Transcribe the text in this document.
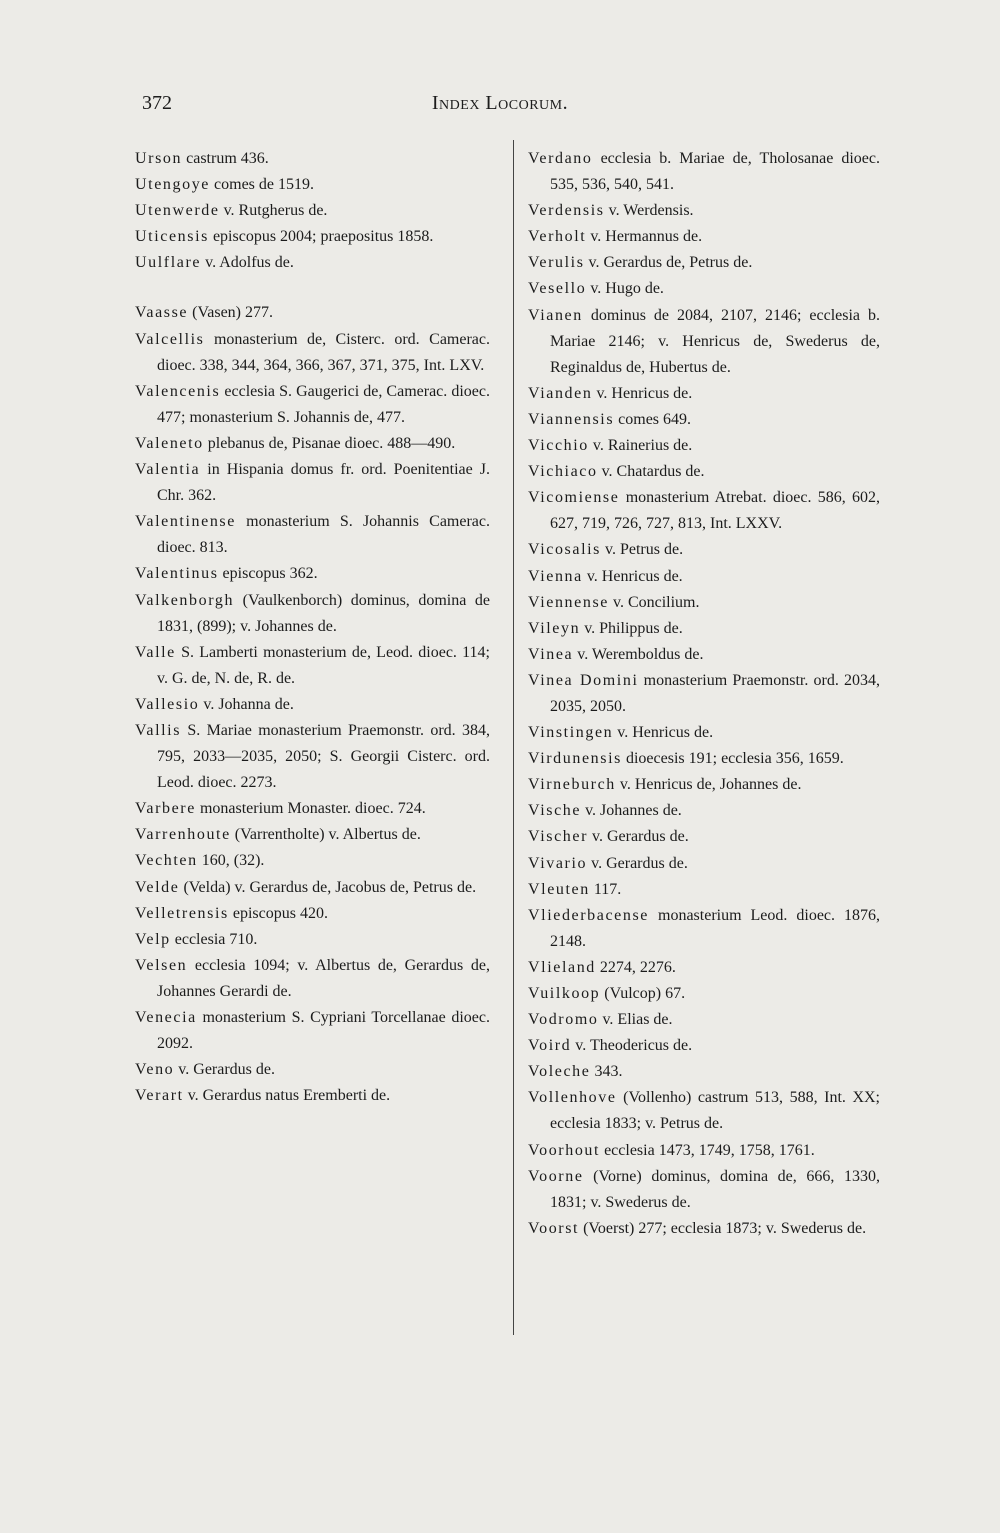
372	Index Locorum.
Urson castrum 436.
Utengoye comes de 1519.
Utenwerde v. Rutgherus de.
Uticensis episcopus 2004; praepositus 1858.
Uulflare v. Adolfus de.
Vaasse (Vasen) 277.
Valcellis monasterium de, Cisterc. ord. Camerac. dioec. 338, 344, 364, 366, 367, 371, 375, Int. LXV.
Valencenis ecclesia S. Gaugerici de, Camerac. dioec. 477; monasterium S. Johannis de, 477.
Valeneto plebanus de, Pisanae dioec. 488—490.
Valentia in Hispania domus fr. ord. Poenitentiae J. Chr. 362.
Valentinense monasterium S. Johannis Camerac. dioec. 813.
Valentinus episcopus 362.
Valkenborgh (Vaulkenborch) dominus, domina de 1831, (899); v. Johannes de.
Valle S. Lamberti monasterium de, Leod. dioec. 114; v. G. de, N. de, R. de.
Vallesio v. Johanna de.
Vallis S. Mariae monasterium Praemonstr. ord. 384, 795, 2033—2035, 2050; S. Georgii Cisterc. ord. Leod. dioec. 2273.
Varbere monasterium Monaster. dioec. 724.
Varrenhoute (Varrentholte) v. Albertus de.
Vechten 160, (32).
Velde (Velda) v. Gerardus de, Jacobus de, Petrus de.
Velletrensis episcopus 420.
Velp ecclesia 710.
Velsen ecclesia 1094; v. Albertus de, Gerardus de, Johannes Gerardi de.
Venecia monasterium S. Cypriani Torcellanae dioec. 2092.
Veno v. Gerardus de.
Verart v. Gerardus natus Eremberti de.
Verdano ecclesia b. Mariae de, Tholosanae dioec. 535, 536, 540, 541.
Verdensis v. Werdensis.
Verholt v. Hermannus de.
Verulis v. Gerardus de, Petrus de.
Vesello v. Hugo de.
Vianen dominus de 2084, 2107, 2146; ecclesia b. Mariae 2146; v. Henricus de, Swederus de, Reginaldus de, Hubertus de.
Vianden v. Henricus de.
Viannensis comes 649.
Vicchio v. Rainerius de.
Vichiaco v. Chatardus de.
Vicomiense monasterium Atrebat. dioec. 586, 602, 627, 719, 726, 727, 813, Int. LXXV.
Vicosalis v. Petrus de.
Vienna v. Henricus de.
Viennense v. Concilium.
Vileyn v. Philippus de.
Vinea v. Weremboldus de.
Vinea Domini monasterium Praemonstr. ord. 2034, 2035, 2050.
Vinstingen v. Henricus de.
Virdunensis dioecesis 191; ecclesia 356, 1659.
Virneburch v. Henricus de, Johannes de.
Vische v. Johannes de.
Vischer v. Gerardus de.
Vivario v. Gerardus de.
Vleuten 117.
Vliederbacense monasterium Leod. dioec. 1876, 2148.
Vlieland 2274, 2276.
Vuilkoop (Vulcop) 67.
Vodromo v. Elias de.
Voird v. Theodericus de.
Voleche 343.
Vollenhove (Vollenho) castrum 513, 588, Int. XX; ecclesia 1833; v. Petrus de.
Voorhout ecclesia 1473, 1749, 1758, 1761.
Voorne (Vorne) dominus, domina de, 666, 1330, 1831; v. Swederus de.
Voorst (Voerst) 277; ecclesia 1873; v. Swederus de.
